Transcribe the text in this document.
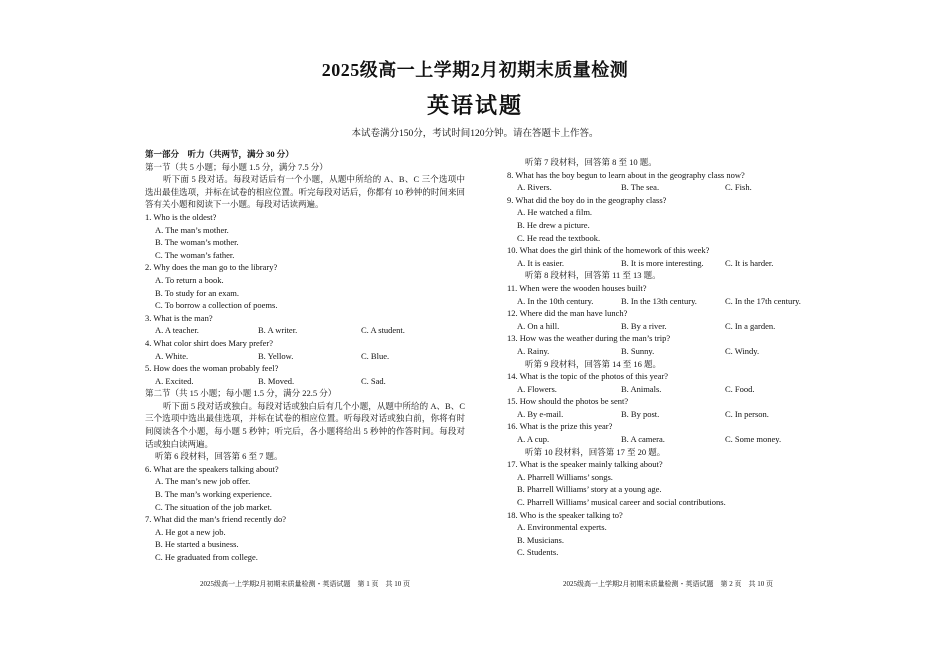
2025级高一上学期2月初期末质量检测
英语试题
本试卷满分150分，考试时间120分钟。请在答题卡上作答。
第一部分　听力（共两节，满分 30 分）
第一节（共 5 小题；每小题 1.5 分，满分 7.5 分）
听下面 5 段对话。每段对话后有一个小题，从题中所给的 A、B、C 三个选项中选出最佳选项，并标在试卷的相应位置。听完每段对话后，你都有 10 秒钟的时间来回答有关小题和阅读下一小题。每段对话读两遍。
1. Who is the oldest?
A. The man’s mother.
B. The woman’s mother.
C. The woman’s father.
2. Why does the man go to the library?
A. To return a book.
B. To study for an exam.
C. To borrow a collection of poems.
3. What is the man?
A. A teacher.	B. A writer.	C. A student.
4. What color shirt does Mary prefer?
A. White.	B. Yellow.	C. Blue.
5. How does the woman probably feel?
A. Excited.	B. Moved.	C. Sad.
第二节（共 15 小题；每小题 1.5 分，满分 22.5 分）
听下面 5 段对话或独白。每段对话或独白后有几个小题，从题中所给的 A、B、C 三个选项中选出最佳选项，并标在试卷的相应位置。听每段对话或独白前，你将有时间阅读各个小题，每小题 5 秒钟；听完后，各小题将给出 5 秒钟的作答时间。每段对话或独白读两遍。
听第 6 段材料，回答第 6 至 7 题。
6. What are the speakers talking about?
A. The man’s new job offer.
B. The man’s working experience.
C. The situation of the job market.
7. What did the man’s friend recently do?
A. He got a new job.
B. He started a business.
C. He graduated from college.
听第 7 段材料，回答第 8 至 10 题。
8. What has the boy begun to learn about in the geography class now?
A. Rivers.	B. The sea.	C. Fish.
9. What did the boy do in the geography class?
A. He watched a film.
B. He drew a picture.
C. He read the textbook.
10. What does the girl think of the homework of this week?
A. It is easier.	B. It is more interesting.	C. It is harder.
听第 8 段材料，回答第 11 至 13 题。
11. When were the wooden houses built?
A. In the 10th century.	B. In the 13th century.	C. In the 17th century.
12. Where did the man have lunch?
A. On a hill.	B. By a river.	C. In a garden.
13. How was the weather during the man’s trip?
A. Rainy.	B. Sunny.	C. Windy.
听第 9 段材料，回答第 14 至 16 题。
14. What is the topic of the photos of this year?
A. Flowers.	B. Animals.	C. Food.
15. How should the photos be sent?
A. By e-mail.	B. By post.	C. In person.
16. What is the prize this year?
A. A cup.	B. A camera.	C. Some money.
听第 10 段材料，回答第 17 至 20 题。
17. What is the speaker mainly talking about?
A. Pharrell Williams’ songs.
B. Pharrell Williams’ story at a young age.
C. Pharrell Williams’ musical career and social contributions.
18. Who is the speaker talking to?
A. Environmental experts.
B. Musicians.
C. Students.
2025级高一上学期2月初期末质量检测・英语试题　第 1 页　共 10 页	2025级高一上学期2月初期末质量检测・英语试题　第 2 页　共 10 页
